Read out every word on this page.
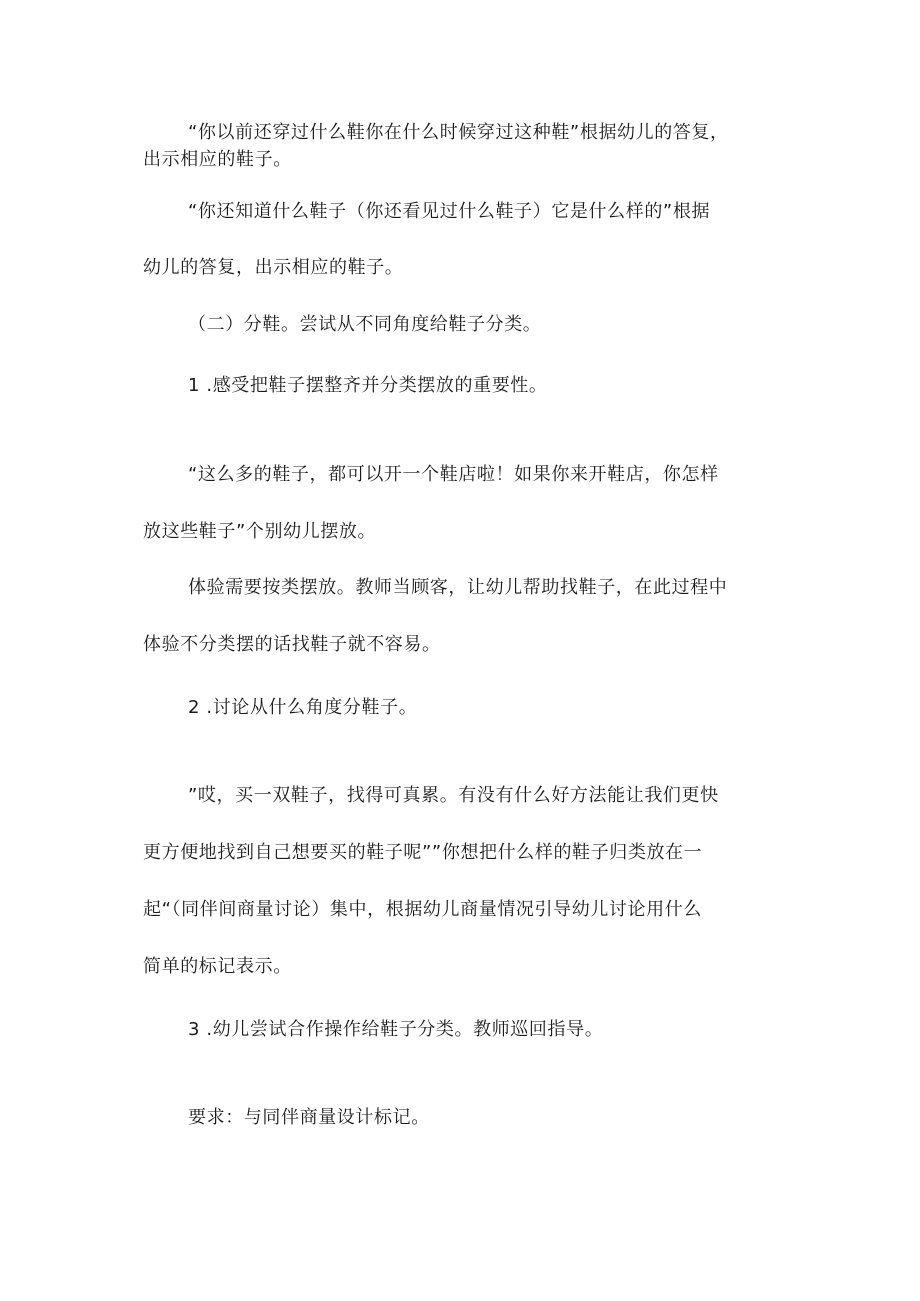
“你以前还穿过什么鞋你在什么时候穿过这种鞋”根据幼儿的答复，
出示相应的鞋子。
“你还知道什么鞋子（你还看见过什么鞋子）它是什么样的”根据
幼儿的答复，出示相应的鞋子。
（二）分鞋。尝试从不同角度给鞋子分类。
1 .感受把鞋子摆整齐并分类摆放的重要性。
“这么多的鞋子，都可以开一个鞋店啦！如果你来开鞋店，你怎样
放这些鞋子”个别幼儿摆放。
体验需要按类摆放。教师当顾客，让幼儿帮助找鞋子，在此过程中
体验不分类摆的话找鞋子就不容易。
2 .讨论从什么角度分鞋子。
”哎，买一双鞋子，找得可真累。有没有什么好方法能让我们更快
更方便地找到自己想要买的鞋子呢””你想把什么样的鞋子归类放在一
起“（同伴间商量讨论）集中，根据幼儿商量情况引导幼儿讨论用什么
简单的标记表示。
3 .幼儿尝试合作操作给鞋子分类。教师巡回指导。
要求：与同伴商量设计标记。
